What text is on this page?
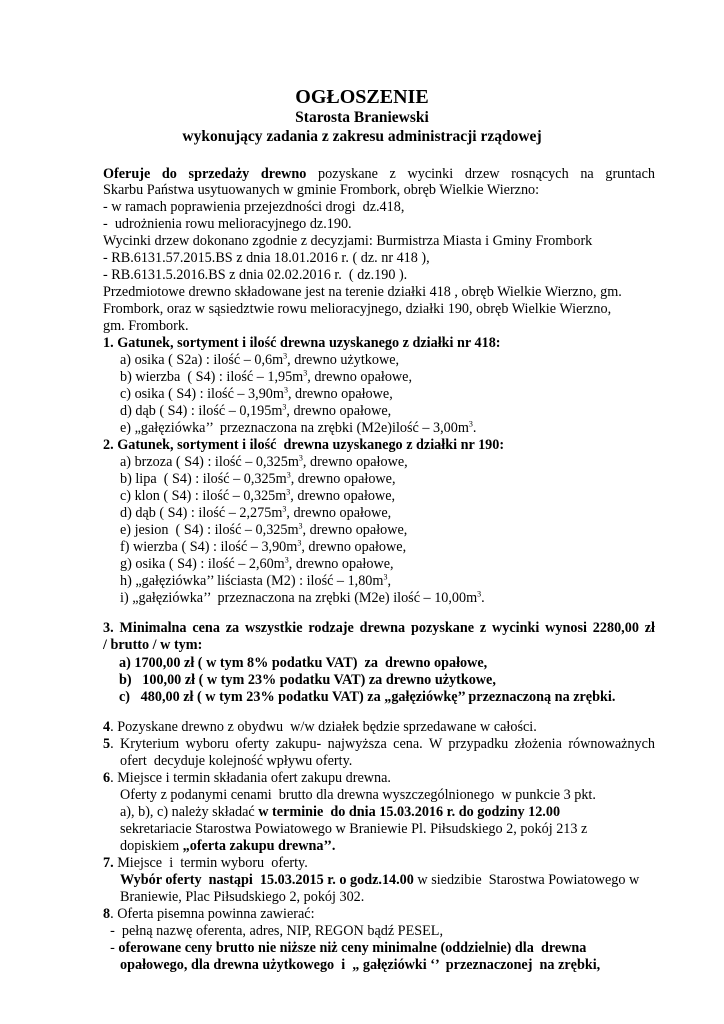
OGŁOSZENIE
Starosta Braniewski
wykonujący zadania z zakresu administracji rządowej
Oferuje do sprzedaży drewno pozyskane z wycinki drzew rosnących na gruntach
Skarbu Państwa usytuowanych w gminie Frombork, obręb Wielkie Wierzno:
- w ramach poprawienia przejezdności drogi  dz.418,
-  udrożnienia rowu melioracyjnego dz.190.
Wycinki drzew dokonano zgodnie z decyzjami: Burmistrza Miasta i Gminy Frombork
- RB.6131.57.2015.BS z dnia 18.01.2016 r. ( dz. nr 418 ),
- RB.6131.5.2016.BS z dnia 02.02.2016 r.  ( dz.190 ).
Przedmiotowe drewno składowane jest na terenie działki 418 , obręb Wielkie Wierzno, gm.
Frombork, oraz w sąsiedztwie rowu melioracyjnego, działki 190, obręb Wielkie Wierzno,
gm. Frombork.
1. Gatunek, sortyment i ilość drewna uzyskanego z działki nr 418:
a) osika ( S2a) : ilość – $0,6m^3$, drewno użytkowe,
b) wierzba  ( S4) : ilość – $1,95m^3$, drewno opałowe,
c) osika ( S4) : ilość – $3,90m^3$, drewno opałowe,
d) dąb ( S4) : ilość – $0,195m^3$, drewno opałowe,
e) „gałęziówka’’  przeznaczona na zrębki (M2e)ilość – $3,00m^3$.
2. Gatunek, sortyment i ilość  drewna uzyskanego z działki nr 190:
a) brzoza ( S4) : ilość – $0,325m^3$, drewno opałowe,
b) lipa  ( S4) : ilość – $0,325m^3$, drewno opałowe,
c) klon ( S4) : ilość – $0,325m^3$, drewno opałowe,
d) dąb ( S4) : ilość – $2,275m^3$, drewno opałowe,
e) jesion  ( S4) : ilość – $0,325m^3$, drewno opałowe,
f) wierzba ( S4) : ilość – $3,90m^3$, drewno opałowe,
g) osika ( S4) : ilość – $2,60m^3$, drewno opałowe,
h) „gałęziówka’’ liściasta (M2) : ilość – $1,80m^3$,
i) „gałęziówka’’  przeznaczona na zrębki (M2e) ilość – $10,00m^3$.
3. Minimalna cena za wszystkie rodzaje drewna pozyskane z wycinki wynosi 2280,00 zł
/ brutto / w tym:
a) 1700,00 zł ( w tym 8% podatku VAT)  za  drewno opałowe,
b)   100,00 zł ( w tym 23% podatku VAT) za drewno użytkowe,
c)   480,00 zł ( w tym 23% podatku VAT) za „gałęziówkę’’ przeznaczoną na zrębki.
4. Pozyskane drewno z obydwu  w/w działek będzie sprzedawane w całości.
5. Kryterium wyboru oferty zakupu- najwyższa cena. W przypadku złożenia równoważnych
ofert  decyduje kolejność wpływu oferty.
6. Miejsce i termin składania ofert zakupu drewna.
Oferty z podanymi cenami  brutto dla drewna wyszczególnionego  w punkcie 3 pkt.
a), b), c) należy składać w terminie  do dnia 15.03.2016 r. do godziny 12.00
sekretariacie Starostwa Powiatowego w Braniewie Pl. Piłsudskiego 2, pokój 213 z
dopiskiem „oferta zakupu drewna’’.
7. Miejsce  i  termin wyboru  oferty.
Wybór oferty  nastąpi  15.03.2015 r. o godz.14.00 w siedzibie  Starostwa Powiatowego w
Braniewie, Plac Piłsudskiego 2, pokój 302.
8. Oferta pisemna powinna zawierać:
-  pełną nazwę oferenta, adres, NIP, REGON bądź PESEL,
- oferowane ceny brutto nie niższe niż ceny minimalne (oddzielnie) dla  drewna
opałowego, dla drewna użytkowego  i  „ gałęziówki ‘’  przeznaczonej  na zrębki,
